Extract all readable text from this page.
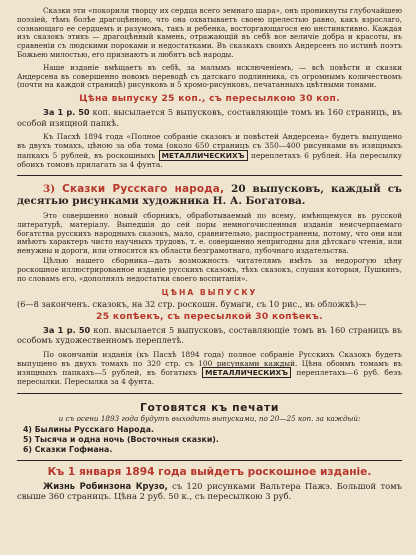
Сказки эти «покорили творцу их сердца всего земнаго шара», онъ проникнуты глубочайшею поэзіей, тѣмъ болѣе драгоцѣнною, что она охватываетъ своею прелестью равно, какъ взрослаго, сознающаго ее сердцемъ и разумомъ, такъ и ребенка, восторгающагося ею инстинктивно. Каждая изъ сказокъ этихъ — драгоцѣнный камень, отражающій въ себѣ все величіе добра и красоты, въ сравненіи съ людскими пороками и недостатками. Въ сказкахъ своихъ Андерсенъ по истинѣ поэтъ Божьею милостью, его признаютъ и любятъ всѣ народы.

Наше изданіе вмѣщаетъ въ себѣ, за малымъ исключеніемъ, — всѣ повѣсти и сказки Андерсена въ совершенно новомъ переводѣ съ датскаго подлинника, съ огромнымъ количествомъ (почти на каждой страницѣ) рисунковъ и 5 хромо-рисунковъ, печатанныхъ цвѣтными тонами.

Цѣна выпуску 25 коп., съ пересылкою 30 коп.

За 1 р. 50 коп. высылается 5 выпусковъ, составляющіе томъ въ 160 страницъ, въ особой изящной папкѣ.

Къ Пасхѣ 1894 года «Полное собраніе сказокъ и повѣстей Андерсена» будетъ выпущено въ двухъ томахъ, цѣною за оба тома (около 650 страницъ съ 350—400 рисунками въ изящныхъ папкахъ 5 рублей, въ роскошныхъ МЕТАЛЛИЧЕСКИХЪ переплетахъ 6 рублей. На пересылку обоихъ томовъ прилагать за 4 фунта.

3) Сказки Русскаго народа, 20 выпусковъ, каждый съ десятью рисунками художника Н. А. Богатова.

Это совершенно новый сборникъ, обработываемый по всему, имѣющемуся въ русской литературѣ, матеріалу. Выпедшія до сей поры немногочисленныя изданія неисчерпаемаго богатства русскихъ народныхъ сказокъ, мало, сравнительно, распространены, потому, что они или имѣютъ характеръ чисто научныхъ трудовъ, т. е. совершенно непригодны для дѣтскаго чтенія, или ненужны и дороги, или относятся къ области безграмотнаго, лубочнаго издательства.

Цѣлью нашего сборника—дать возможность читателямъ имѣть за недорогую цѣну роскошное иллюстрированное изданіе русскихъ сказокъ, тѣхъ сказокъ, слушая которыя, Пушкинъ, по словамъ его, «дополнялъ недостатки своего воспитанія».

ЦѢНА ВЫПУСКУ

(6—8 законченъ. сказокъ, на 32 стр. роскошн. бумаги, съ 10 рис., въ обложкѣ)—

25 копѣекъ, съ пересылкой 30 копѣекъ.

За 1 р. 50 коп. высылается 5 выпусковъ, составляющіе томъ въ 160 страницъ въ особомъ художественномъ переплетѣ.

По окончаніи изданія (къ Пасхѣ 1894 года) полное собраніе Русскихъ Сказокъ будетъ выпущено въ двухъ томахъ по 320 стр. съ 100 рисунками каждый. Цѣна обоимъ томамъ въ изящныхъ папкахъ—5 рублей, въ богатыхъ МЕТАЛЛИЧЕСКИХЪ переплетахъ—6 руб. безъ пересылки. Пересылка за 4 фунта.

Готовятся къ печати
и съ осени 1893 года будутъ выходить выпусками, по 20—25 коп. за каждый:
4) Былины Русскаго Народа.
5) Тысяча и одна ночь (Восточныя сказки).
6) Сказки Гофмана.
Къ 1 января 1894 года выйдетъ роскошное изданіе.

Жизнь Робинзона Крузо, съ 120 рисунками Вальтера Пажэ. Большой томъ свыше 360 страницъ. Цѣна 2 руб. 50 к., съ пересылкою 3 руб.
